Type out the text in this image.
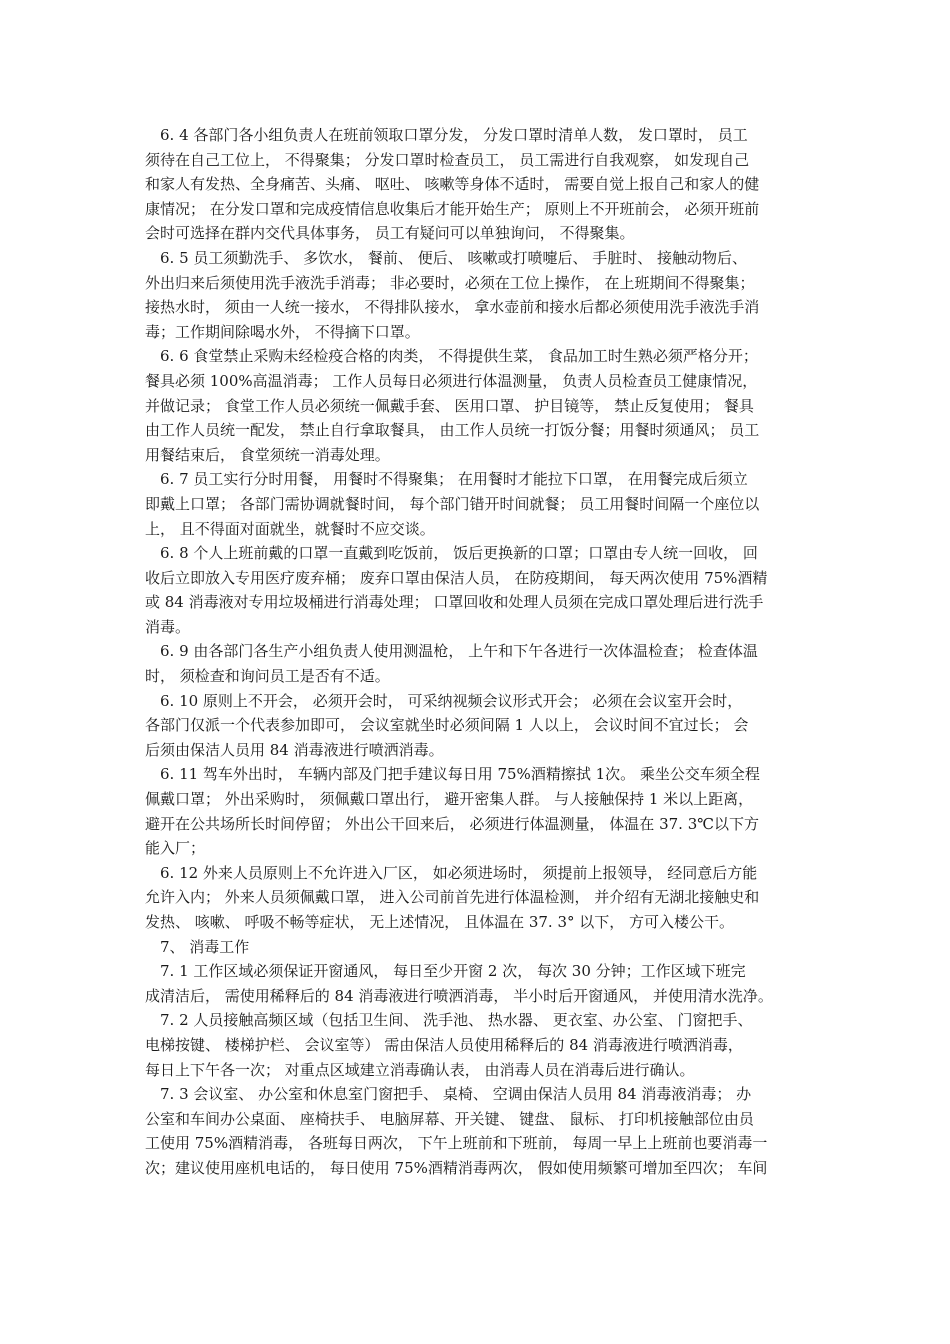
6. 4 各部门各小组负责人在班前领取口罩分发， 分发口罩时清单人数， 发口罩时， 员工
须待在自己工位上， 不得聚集； 分发口罩时检查员工， 员工需进行自我观察， 如发现自己
和家人有发热、全身痛苦、头痛、 呕吐、 咳嗽等身体不适时， 需要自觉上报自己和家人的健
康情况； 在分发口罩和完成疫情信息收集后才能开始生产； 原则上不开班前会， 必须开班前
会时可选择在群内交代具体事务， 员工有疑问可以单独询问， 不得聚集。
6. 5 员工须勤洗手、 多饮水， 餐前、 便后、 咳嗽或打喷嚏后、 手脏时、 接触动物后、
外出归来后须使用洗手液洗手消毒； 非必要时，必须在工位上操作， 在上班期间不得聚集；
接热水时， 须由一人统一接水， 不得排队接水， 拿水壶前和接水后都必须使用洗手液洗手消
毒；工作期间除喝水外， 不得摘下口罩。
6. 6 食堂禁止采购未经检疫合格的肉类， 不得提供生菜， 食品加工时生熟必须严格分开；
餐具必须 100%高温消毒； 工作人员每日必须进行体温测量， 负责人员检查员工健康情况，
并做记录； 食堂工作人员必须统一佩戴手套、 医用口罩、 护目镜等， 禁止反复使用； 餐具
由工作人员统一配发， 禁止自行拿取餐具， 由工作人员统一打饭分餐；用餐时须通风； 员工
用餐结束后， 食堂须统一消毒处理。
6. 7 员工实行分时用餐， 用餐时不得聚集； 在用餐时才能拉下口罩， 在用餐完成后须立
即戴上口罩； 各部门需协调就餐时间， 每个部门错开时间就餐； 员工用餐时间隔一个座位以
上， 且不得面对面就坐，就餐时不应交谈。
6. 8 个人上班前戴的口罩一直戴到吃饭前， 饭后更换新的口罩；口罩由专人统一回收， 回
收后立即放入专用医疗废弃桶； 废弃口罩由保洁人员， 在防疫期间， 每天两次使用 75%酒精
或 84 消毒液对专用垃圾桶进行消毒处理； 口罩回收和处理人员须在完成口罩处理后进行洗手
消毒。
6. 9 由各部门各生产小组负责人使用测温枪， 上午和下午各进行一次体温检查； 检查体温
时， 须检查和询问员工是否有不适。
6. 10 原则上不开会， 必须开会时， 可采纳视频会议形式开会； 必须在会议室开会时，
各部门仅派一个代表参加即可， 会议室就坐时必须间隔 1 人以上， 会议时间不宜过长； 会
后须由保洁人员用 84 消毒液进行喷洒消毒。
6. 11 驾车外出时， 车辆内部及门把手建议每日用 75%酒精擦拭 1次。 乘坐公交车须全程
佩戴口罩； 外出采购时， 须佩戴口罩出行， 避开密集人群。 与人接触保持 1 米以上距离，
避开在公共场所长时间停留； 外出公干回来后， 必须进行体温测量， 体温在 37. 3℃以下方
能入厂；
6. 12 外来人员原则上不允许进入厂区， 如必须进场时， 须提前上报领导， 经同意后方能
允许入内； 外来人员须佩戴口罩， 进入公司前首先进行体温检测， 并介绍有无湖北接触史和
发热、 咳嗽、 呼吸不畅等症状， 无上述情况， 且体温在 37. 3° 以下， 方可入楼公干。
7、 消毒工作
7. 1 工作区域必须保证开窗通风， 每日至少开窗 2 次， 每次 30 分钟；工作区域下班完
成清洁后， 需使用稀释后的 84 消毒液进行喷洒消毒， 半小时后开窗通风， 并使用清水洗净。
7. 2 人员接触高频区域（包括卫生间、 洗手池、 热水器、 更衣室、办公室、 门窗把手、
电梯按键、 楼梯护栏、 会议室等） 需由保洁人员使用稀释后的 84 消毒液进行喷洒消毒，
每日上下午各一次； 对重点区域建立消毒确认表， 由消毒人员在消毒后进行确认。
7. 3 会议室、 办公室和休息室门窗把手、 桌椅、 空调由保洁人员用 84 消毒液消毒； 办
公室和车间办公桌面、 座椅扶手、 电脑屏幕、开关键、 键盘、 鼠标、 打印机接触部位由员
工使用 75%酒精消毒， 各班每日两次， 下午上班前和下班前， 每周一早上上班前也要消毒一
次；建议使用座机电话的， 每日使用 75%酒精消毒两次， 假如使用频繁可增加至四次； 车间
